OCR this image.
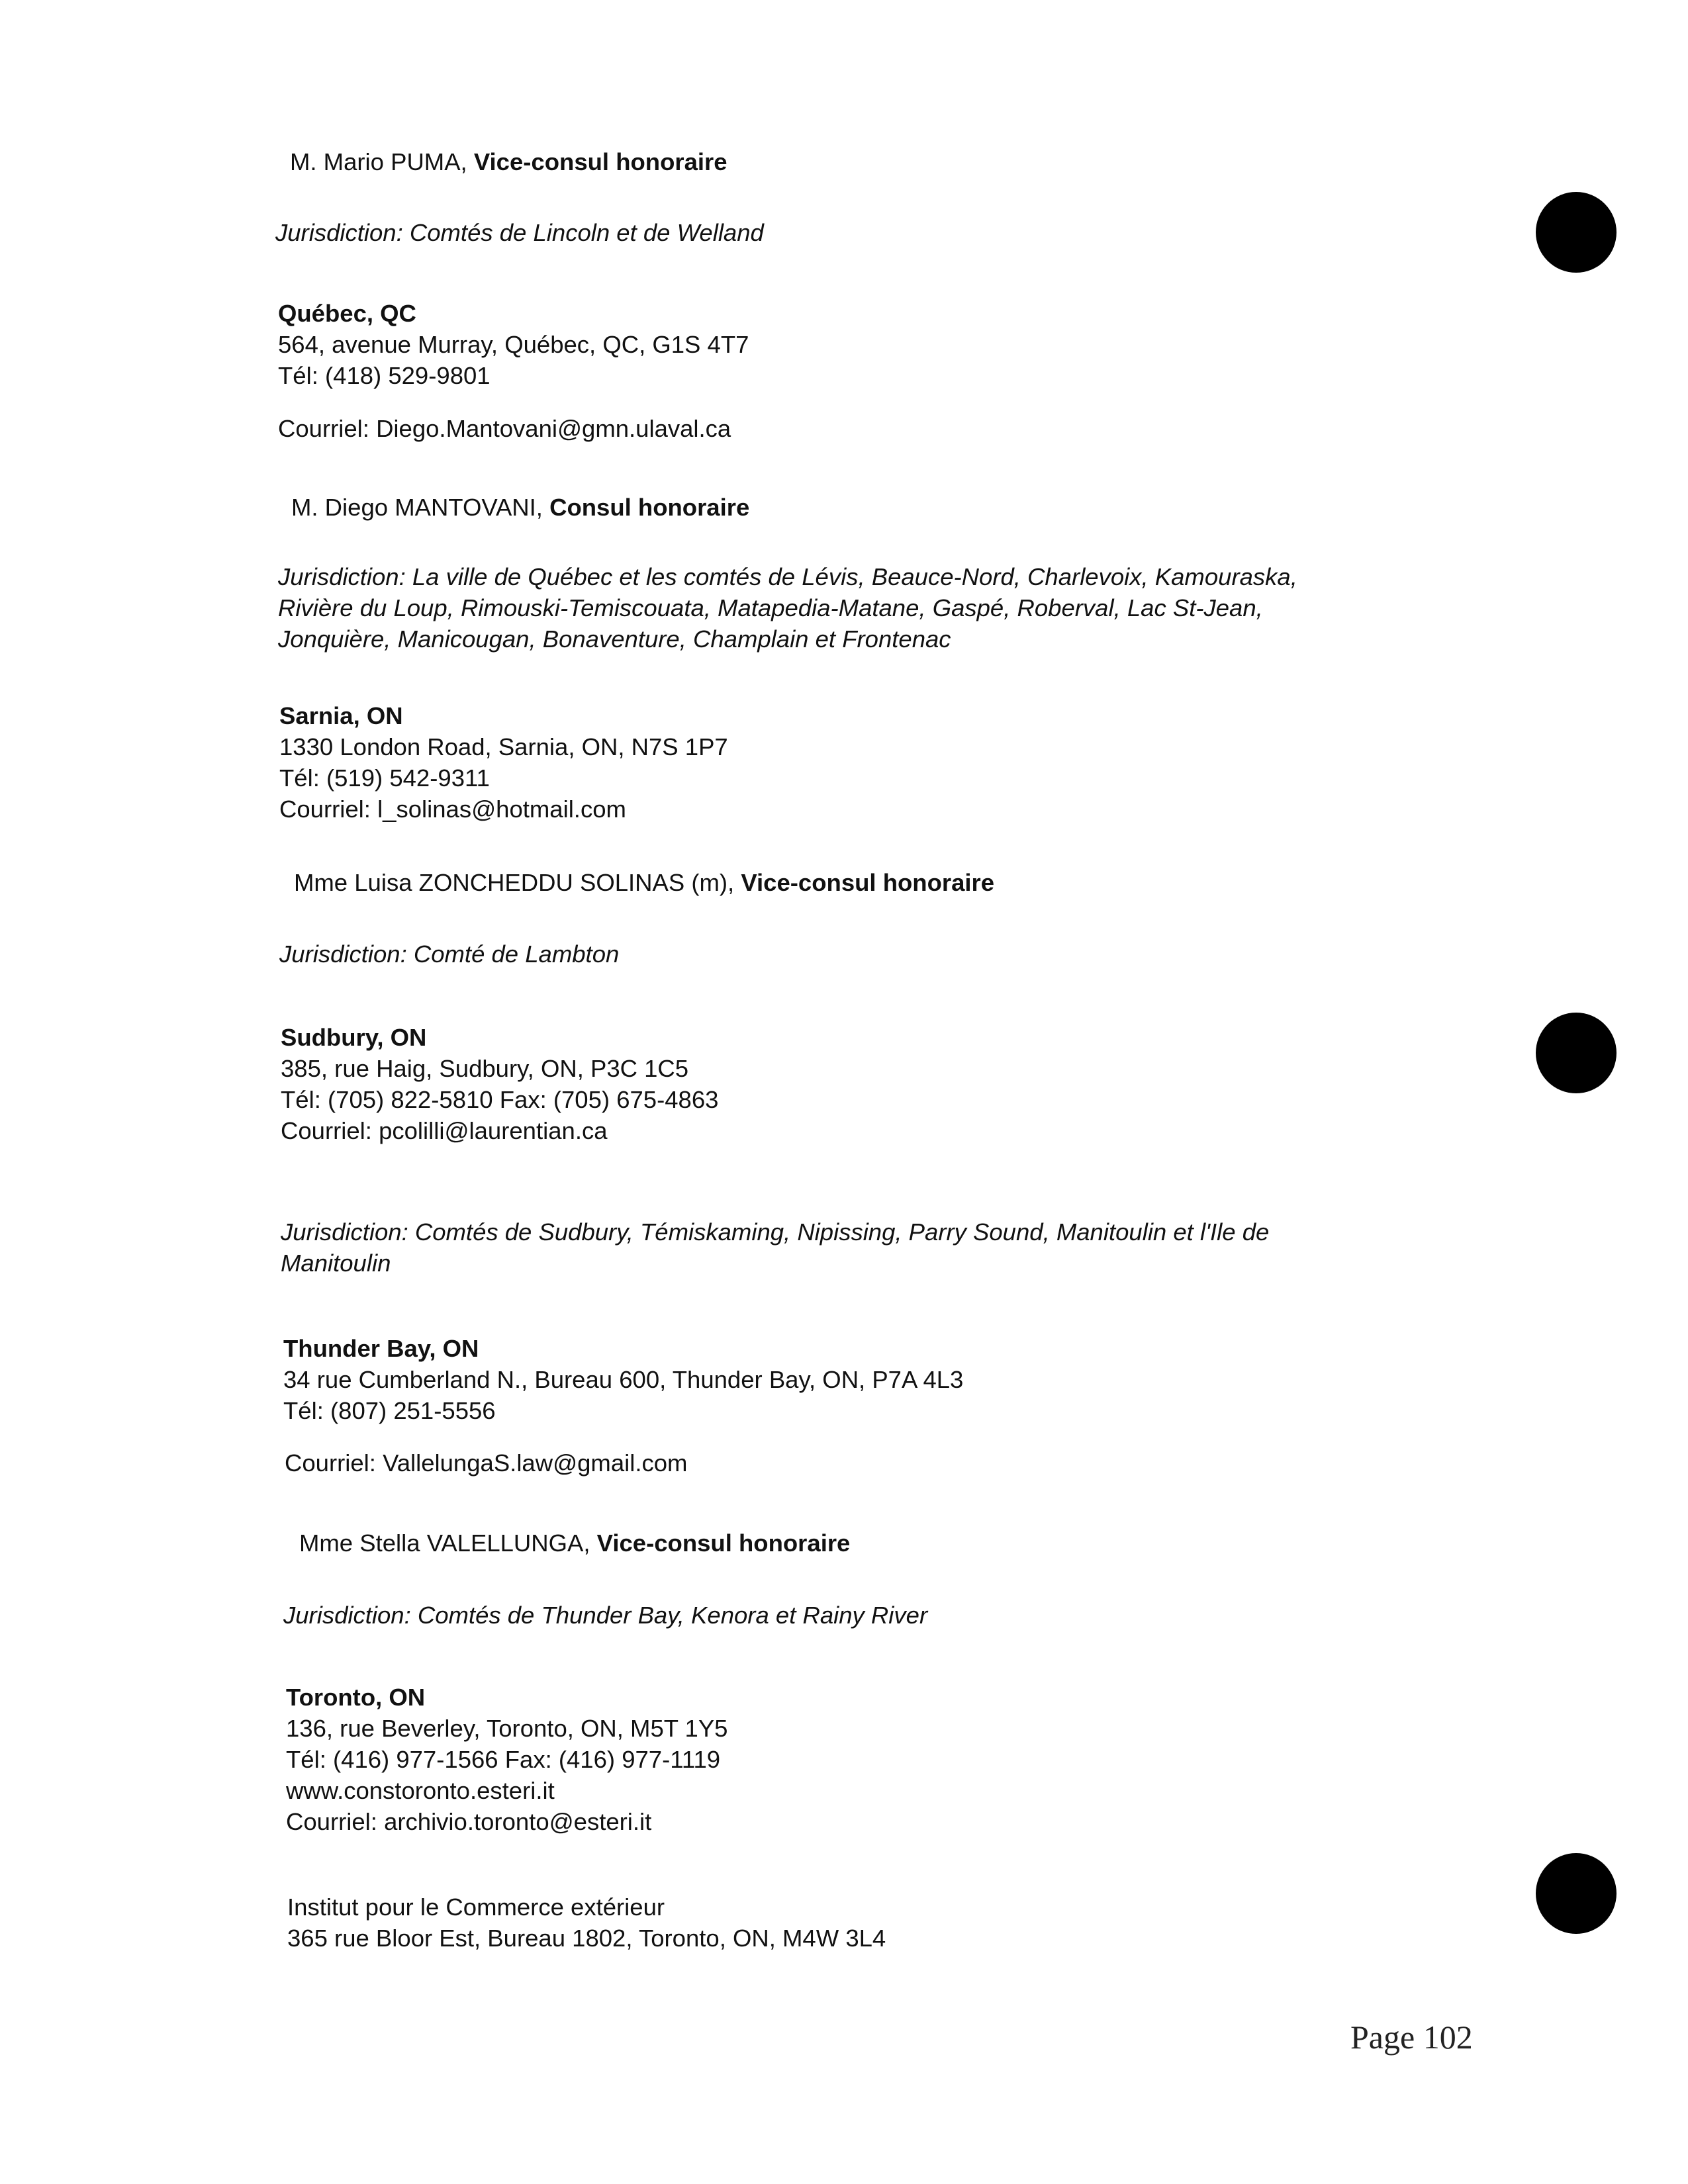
M. Mario PUMA, Vice-consul honoraire
Jurisdiction: Comtés de Lincoln et de Welland
Québec, QC
564, avenue Murray, Québec, QC, G1S 4T7
Tél: (418) 529-9801
Courriel: Diego.Mantovani@gmn.ulaval.ca
M. Diego MANTOVANI, Consul honoraire
Jurisdiction: La ville de Québec et les comtés de Lévis, Beauce-Nord, Charlevoix, Kamouraska,
Rivière du Loup, Rimouski-Temiscouata, Matapedia-Matane, Gaspé, Roberval, Lac St-Jean,
Jonquière, Manicougan, Bonaventure, Champlain et Frontenac
Sarnia, ON
1330 London Road, Sarnia, ON, N7S 1P7
Tél: (519) 542-9311
Courriel: l_solinas@hotmail.com
Mme Luisa ZONCHEDDU SOLINAS (m), Vice-consul honoraire
Jurisdiction: Comté de Lambton
Sudbury, ON
385, rue Haig, Sudbury, ON, P3C 1C5
Tél: (705) 822-5810 Fax: (705) 675-4863
Courriel: pcolilli@laurentian.ca
Jurisdiction: Comtés de Sudbury, Témiskaming, Nipissing, Parry Sound, Manitoulin et l'Ile de
Manitoulin
Thunder Bay, ON
34 rue Cumberland N., Bureau 600, Thunder Bay, ON, P7A 4L3
Tél: (807) 251-5556
Courriel: VallelungaS.law@gmail.com
Mme Stella VALELLUNGA, Vice-consul honoraire
Jurisdiction: Comtés de Thunder Bay, Kenora et Rainy River
Toronto, ON
136, rue Beverley, Toronto, ON, M5T 1Y5
Tél: (416) 977-1566 Fax: (416) 977-1119
www.constoronto.esteri.it
Courriel: archivio.toronto@esteri.it
Institut pour le Commerce extérieur
365 rue Bloor Est, Bureau 1802, Toronto, ON, M4W 3L4
Page 102
